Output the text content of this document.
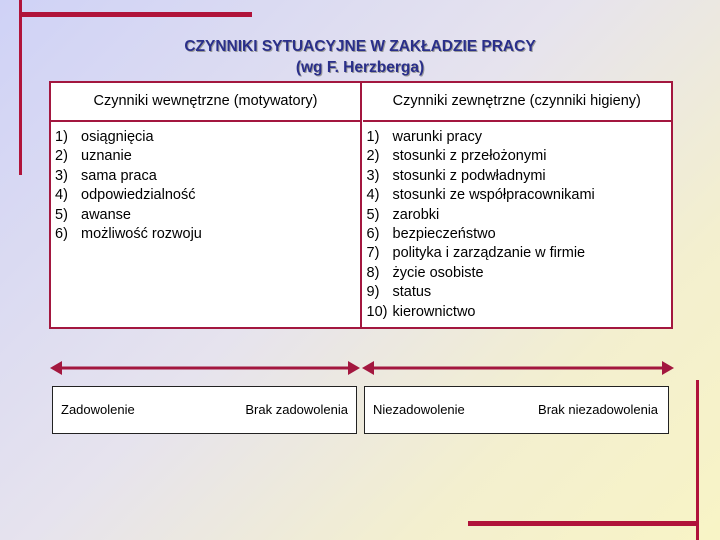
CZYNNIKI SYTUACYJNE W ZAKŁADZIE PRACY
(wg F. Herzberga)
Czynniki wewnętrzne (motywatory)
1) osiągnięcia
2) uznanie
3) sama praca
4) odpowiedzialność
5) awanse
6) możliwość rozwoju
Czynniki zewnętrzne (czynniki higieny)
1) warunki pracy
2) stosunki z przełożonymi
3) stosunki z podwładnymi
4) stosunki ze współpracownikami
5) zarobki
6) bezpieczeństwo
7) polityka i zarządzanie w firmie
8) życie osobiste
9) status
10) kierownictwo
Zadowolenie	Brak zadowolenia Niezadowolenie	Brak niezadowolenia
